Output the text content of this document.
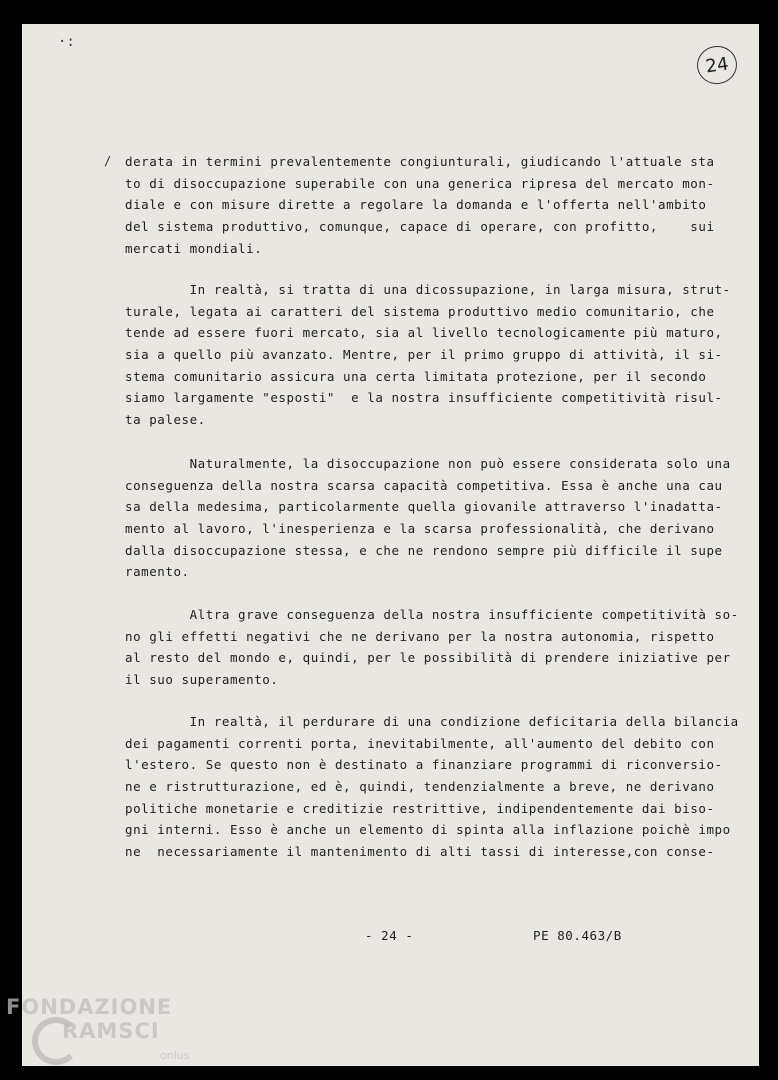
24
·:
/ derata in termini prevalentemente congiunturali, giudicando l'attuale sta
to di disoccupazione superabile con una generica ripresa del mercato mon-
diale e con misure dirette a regolare la domanda e l'offerta nell'ambito
del sistema produttivo, comunque, capace di operare, con profitto,    sui
mercati mondiali.
In realtà, si tratta di una dicossupazione, in larga misura, strut-
turale, legata ai caratteri del sistema produttivo medio comunitario, che
tende ad essere fuori mercato, sia al livello tecnologicamente più maturo,
sia a quello più avanzato. Mentre, per il primo gruppo di attività, il si-
stema comunitario assicura una certa limitata protezione, per il secondo
siamo largamente "esposti"  e la nostra insufficiente competitività risul-
ta palese.
Naturalmente, la disoccupazione non può essere considerata solo una
conseguenza della nostra scarsa capacità competitiva. Essa è anche una cau
sa della medesima, particolarmente quella giovanile attraverso l'inadatta-
mento al lavoro, l'inesperienza e la scarsa professionalità, che derivano
dalla disoccupazione stessa, e che ne rendono sempre più difficile il supe
ramento.
Altra grave conseguenza della nostra insufficiente competitività so-
no gli effetti negativi che ne derivano per la nostra autonomia, rispetto
al resto del mondo e, quindi, per le possibilità di prendere iniziative per
il suo superamento.
In realtà, il perdurare di una condizione deficitaria della bilancia
dei pagamenti correnti porta, inevitabilmente, all'aumento del debito con
l'estero. Se questo non è destinato a finanziare programmi di riconversio-
ne e ristrutturazione, ed è, quindi, tendenzialmente a breve, ne derivano
politiche monetarie e creditizie restrittive, indipendentemente dai biso-
gni interni. Esso è anche un elemento di spinta alla inflazione poichè impo
ne  necessariamente il mantenimento di alti tassi di interesse,con conse-
- 24 -	PE 80.463/B
FONDAZIONE
RAMSCI
onlus
